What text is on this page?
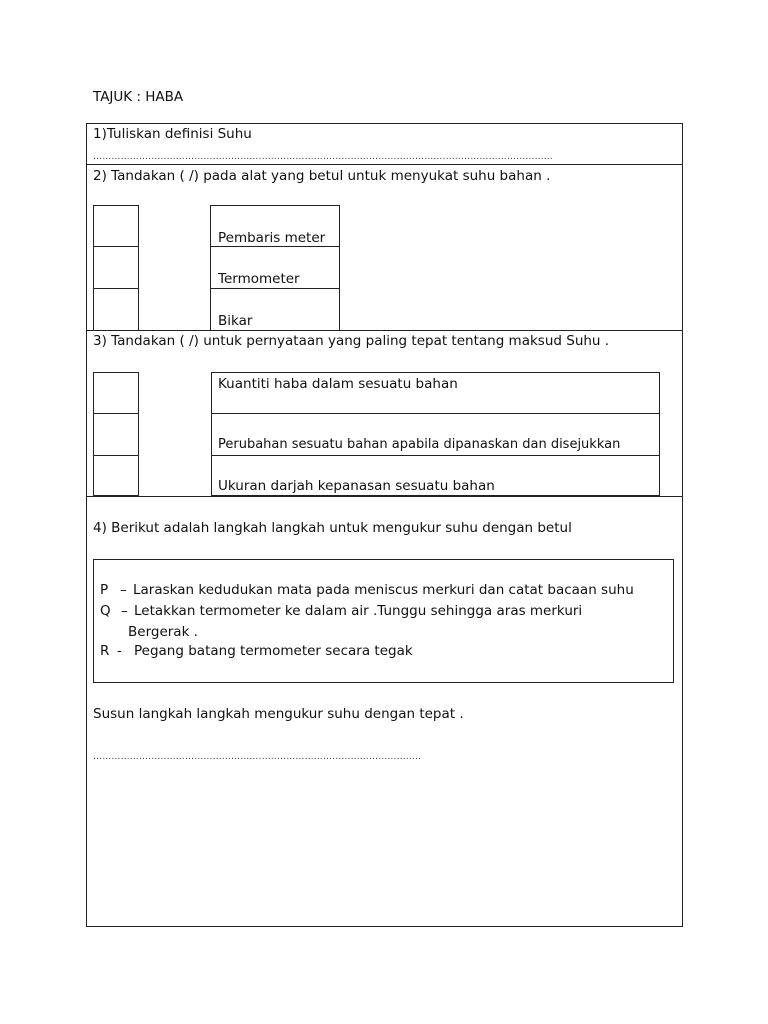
TAJUK : HABA
1)Tuliskan definisi Suhu
……………………………………………………………………………………………………………………………………
2) Tandakan ( /) pada alat yang betul untuk menyukat suhu bahan .
Pembaris meter
Termometer
Bikar
3) Tandakan ( /) untuk pernyataan yang paling tepat tentang maksud Suhu .
Kuantiti haba dalam sesuatu bahan
Perubahan sesuatu bahan apabila dipanaskan dan disejukkan
Ukuran darjah kepanasan sesuatu bahan
4) Berikut adalah langkah langkah untuk mengukur suhu dengan betul
P – Laraskan kedudukan mata pada meniscus merkuri dan catat bacaan suhu
Q – Letakkan termometer ke dalam air .Tunggu sehingga aras merkuri
Bergerak .
R - Pegang batang termometer secara tegak
Susun langkah langkah mengukur suhu dengan tepat .
……………………………………………………………………………………………..
